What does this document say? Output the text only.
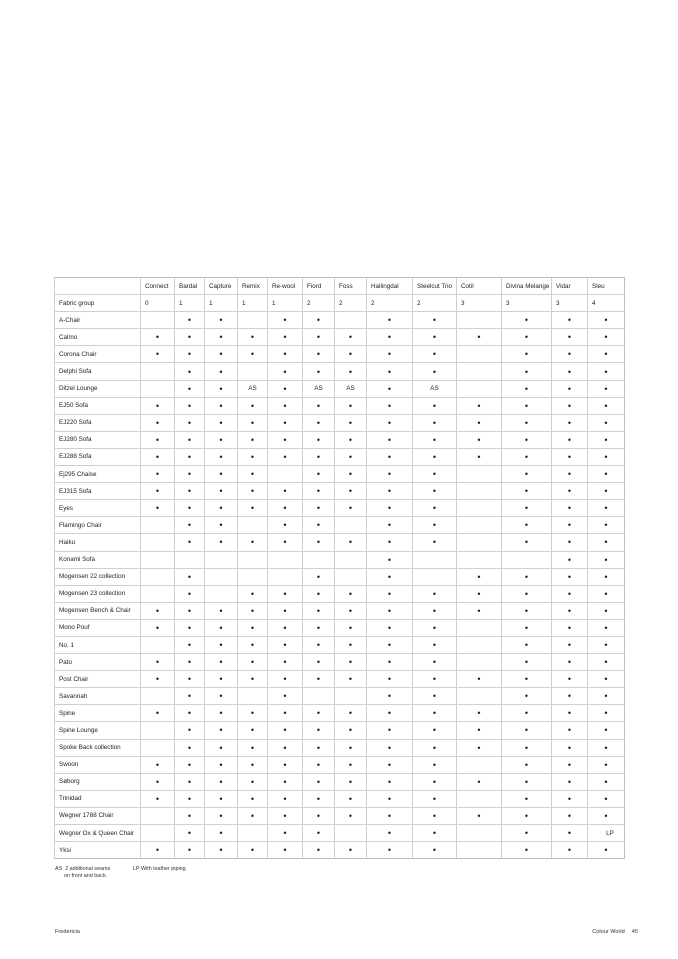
	Connect	Bardal	Capture	Remix	Re-wool	Fiord	Foss	Hallingdal	Steelcut Trio	Cotil	Divina Melange	Vidar	Sleu
Fabric group	0	1	1	1	1	2	2	2	2	3	3	3	4
A-Chair		•	•		•	•		•	•		•	•	•
Calmo	•	•	•	•	•	•	•	•	•	•	•	•	•
Corona Chair	•	•	•	•	•	•	•	•	•		•	•	•
Delphi Sofa		•	•		•	•	•	•	•		•	•	•
Ditzel Lounge		•	•	AS	•	AS	AS	•	AS		•	•	•
EJ50 Sofa	•	•	•	•	•	•	•	•	•	•	•	•	•
EJ220 Sofa	•	•	•	•	•	•	•	•	•	•	•	•	•
EJ280 Sofa	•	•	•	•	•	•	•	•	•	•	•	•	•
EJ288 Sofa	•	•	•	•	•	•	•	•	•	•	•	•	•
Ej295 Chaise	•	•	•	•		•	•	•	•		•	•	•
EJ315 Sofa	•	•	•	•	•	•	•	•	•		•	•	•
Eyes	•	•	•	•	•	•	•	•	•		•	•	•
Flamingo Chair		•	•		•	•		•	•		•	•	•
Haiku		•	•	•	•	•	•	•	•		•	•	•
Konami Sofa								•				•	•
Mogensen 22 collection		•				•		•		•	•	•	•
Mogensen 23 collection		•		•	•	•	•	•	•	•	•	•	•
Mogensen Bench & Chair	•	•	•	•	•	•	•	•	•	•	•	•	•
Mono Pouf	•	•	•	•	•	•	•	•	•		•	•	•
No. 1		•	•	•	•	•	•	•	•		•	•	•
Pato	•	•	•	•	•	•	•	•	•		•	•	•
Post Chair	•	•	•	•	•	•	•	•	•	•	•	•	•
Savannah		•	•		•			•	•		•	•	•
Spine	•	•	•	•	•	•	•	•	•	•	•	•	•
Spine Lounge		•	•	•	•	•	•	•	•	•	•	•	•
Spoke Back collection		•	•	•	•	•	•	•	•	•	•	•	•
Swoon	•	•	•	•	•	•	•	•	•		•	•	•
Søborg	•	•	•	•	•	•	•	•	•	•	•	•	•
Trinidad	•	•	•	•	•	•	•	•	•		•	•	•
Wegner 1788 Chair		•	•	•	•	•	•	•	•	•	•	•	•
Wegner Ox & Queen Chair		•	•		•	•		•	•		•	•	LP
Yksi	•	•	•	•	•	•	•	•	•		•	•	•
AS  2 additional seams
on front and back.
LP With leather piping
Fredericia	Colour World 45
